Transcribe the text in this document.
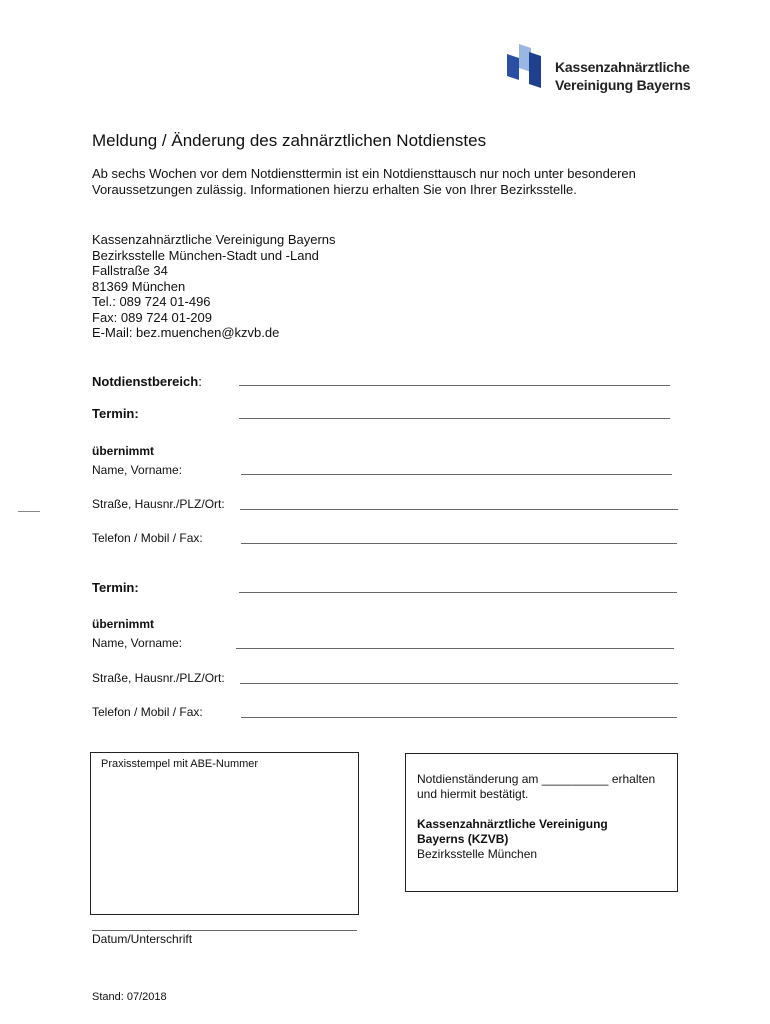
Kassenzahnärztliche
Vereinigung Bayerns
Meldung / Änderung des zahnärztlichen Notdienstes
Ab sechs Wochen vor dem Notdiensttermin ist ein Notdiensttausch nur noch unter besonderen Voraussetzungen zulässig. Informationen hierzu erhalten Sie von Ihrer Bezirksstelle.
Kassenzahnärztliche Vereinigung Bayerns
Bezirksstelle München-Stadt und -Land
Fallstraße 34
81369 München
Tel.: 089 724 01-496
Fax: 089 724 01-209
E-Mail: bez.muenchen@kzvb.de
Notdienstbereich:
Termin:
übernimmt
Name, Vorname:
Straße, Hausnr./PLZ/Ort:
Telefon / Mobil / Fax:
Termin:
übernimmt
Name, Vorname:
Straße, Hausnr./PLZ/Ort:
Telefon / Mobil / Fax:
Praxisstempel mit ABE-Nummer
Notdienständerung am __________ erhalten
und hiermit bestätigt.
Kassenzahnärztliche Vereinigung
Bayerns (KZVB)
Bezirksstelle München
Datum/Unterschrift
Stand: 07/2018
